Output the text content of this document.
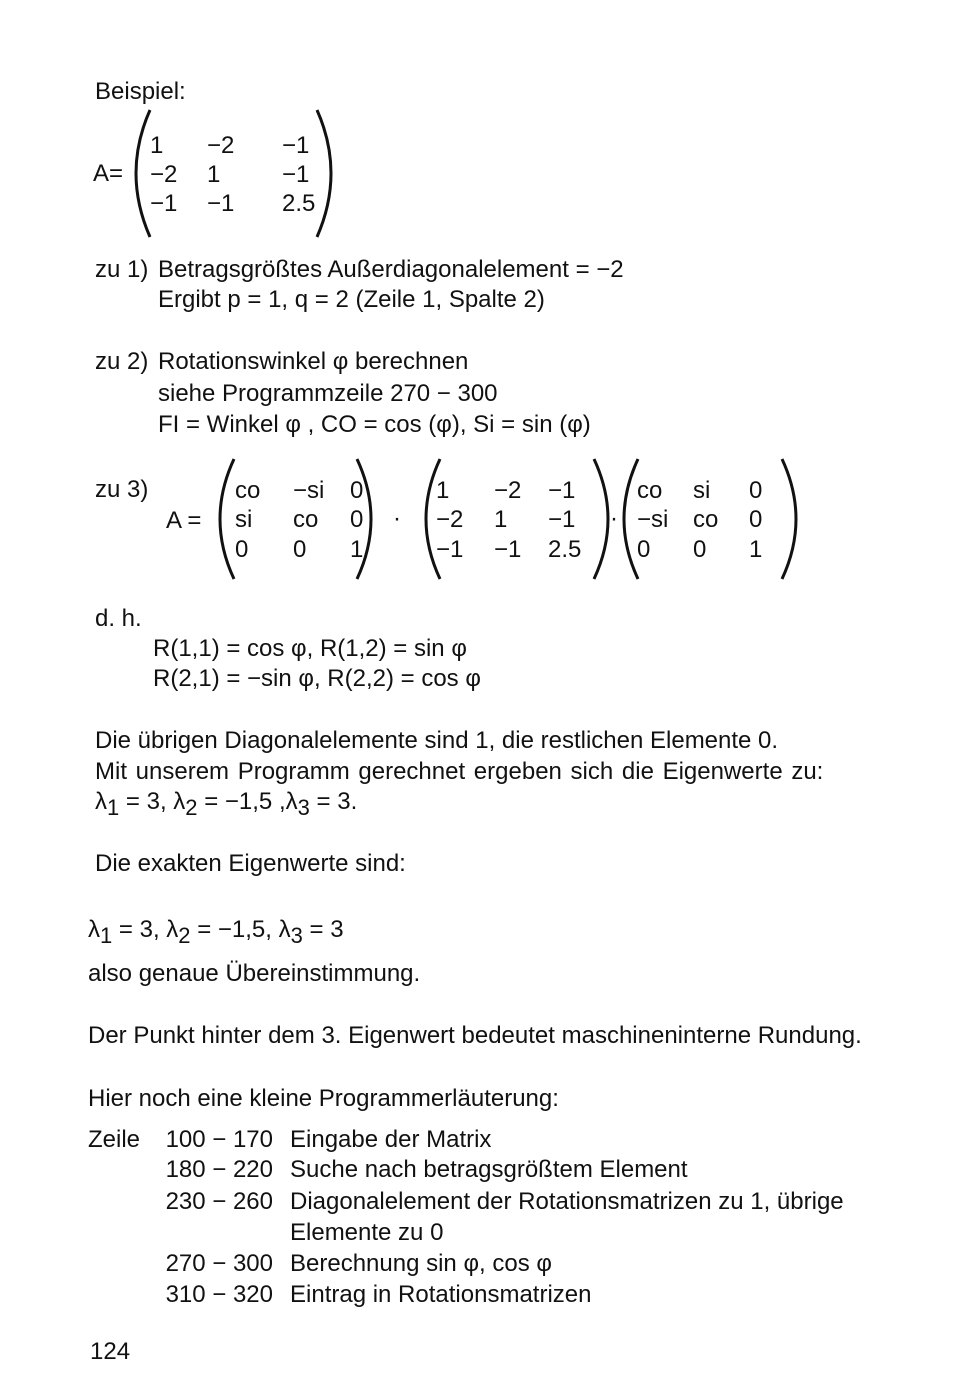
Beispiel:
A=
1 −2 −1
−2 1	−1
−1 −1 2.5
zu 1) Betragsgrößtes Außerdiagonalelement = −2
Ergibt p = 1, q = 2 (Zeile 1, Spalte 2)
zu 2) Rotationswinkel φ berechnen
siehe Programmzeile 270 − 300
FI = Winkel φ , CO = cos (φ), Si = sin (φ)
zu 3)
A =	·	·
co −si 0
si co 0
0 0 1
1 −2 −1
−2 1 −1
−1 −1 2.5
co si 0
−si co 0
0 0 1
d. h.
R(1,1) = cos φ, R(1,2) = sin φ
R(2,1) = −sin φ, R(2,2) = cos φ
Die übrigen Diagonalelemente sind 1, die restlichen Elemente 0.
Mit unserem Programm gerechnet ergeben sich die Eigenwerte zu:
$\lambda_1 = 3$, $\lambda_2 = -1,5$ $,\lambda_3 = 3$.
Die exakten Eigenwerte sind:
$\lambda_1 = 3$, $\lambda_2 = -1,5$, $\lambda_3 = 3$
also genaue Übereinstimmung.
Der Punkt hinter dem 3. Eigenwert bedeutet maschineninterne Rundung.
Hier noch eine kleine Programmerläuterung:
Zeile 100 − 170 Eingabe der Matrix
180 − 220 Suche nach betragsgrößtem Element
230 − 260 Diagonalelement der Rotationsmatrizen zu 1, übrige
Elemente zu 0
270 − 300 Berechnung sin φ, cos φ
310 − 320 Eintrag in Rotationsmatrizen
124
